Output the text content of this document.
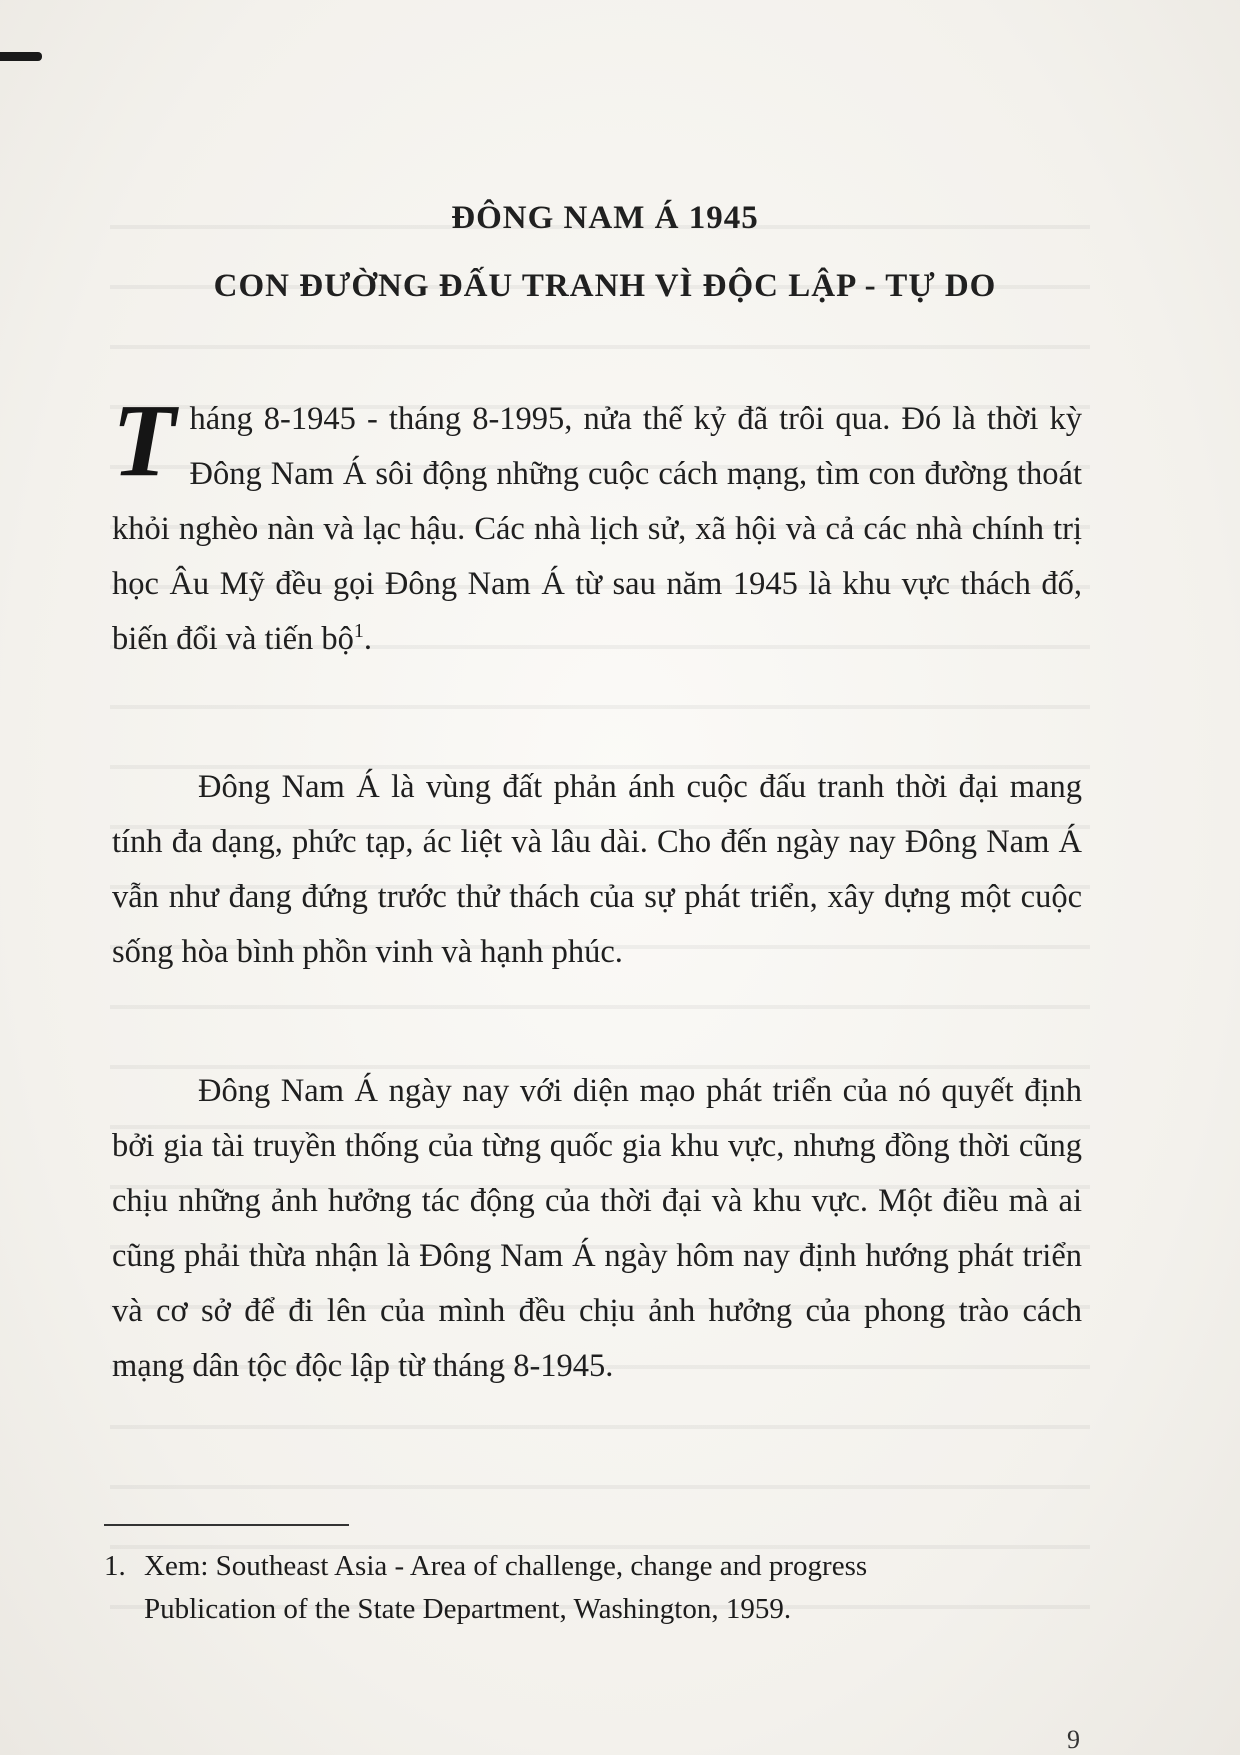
ĐÔNG NAM Á 1945
CON ĐƯỜNG ĐẤU TRANH VÌ ĐỘC LẬP - TỰ DO
Tháng 8-1945 - tháng 8-1995, nửa thế kỷ đã trôi qua. Đó là thời kỳ Đông Nam Á sôi động những cuộc cách mạng, tìm con đường thoát khỏi nghèo nàn và lạc hậu. Các nhà lịch sử, xã hội và cả các nhà chính trị học Âu Mỹ đều gọi Đông Nam Á từ sau năm 1945 là khu vực thách đố, biến đổi và tiến bộ$^1$.
Đông Nam Á là vùng đất phản ánh cuộc đấu tranh thời đại mang tính đa dạng, phức tạp, ác liệt và lâu dài. Cho đến ngày nay Đông Nam Á vẫn như đang đứng trước thử thách của sự phát triển, xây dựng một cuộc sống hòa bình phồn vinh và hạnh phúc.
Đông Nam Á ngày nay với diện mạo phát triển của nó quyết định bởi gia tài truyền thống của từng quốc gia khu vực, nhưng đồng thời cũng chịu những ảnh hưởng tác động của thời đại và khu vực. Một điều mà ai cũng phải thừa nhận là Đông Nam Á ngày hôm nay định hướng phát triển và cơ sở để đi lên của mình đều chịu ảnh hưởng của phong trào cách mạng dân tộc độc lập từ tháng 8-1945.
1. Xem: Southeast Asia - Area of challenge, change and progress
Publication of the State Department, Washington, 1959.
9
